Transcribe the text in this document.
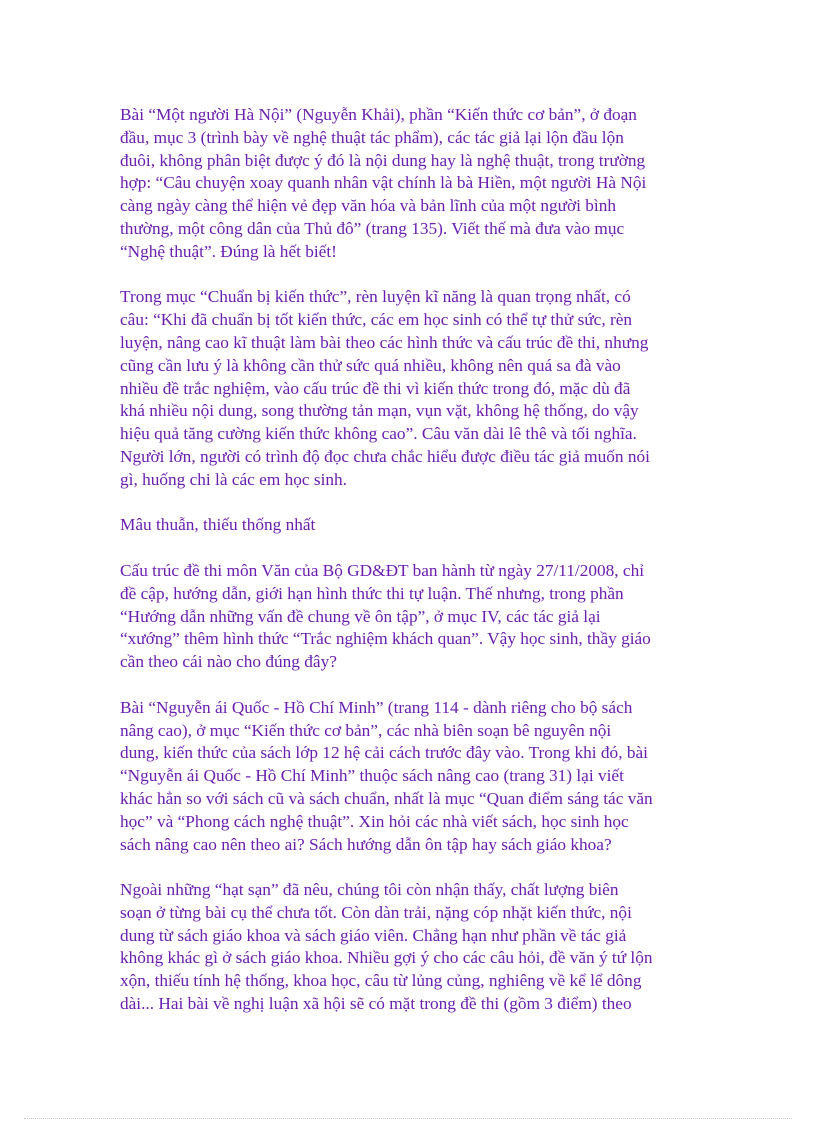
Bài “Một người Hà Nội” (Nguyễn Khải), phần “Kiến thức cơ bản”, ở đoạn
đầu, mục 3 (trình bày về nghệ thuật tác phẩm), các tác giả lại lộn đầu lộn
đuôi, không phân biệt được ý đó là nội dung hay là nghệ thuật, trong trường
hợp: “Câu chuyện xoay quanh nhân vật chính là bà Hiền, một người Hà Nội
càng ngày càng thể hiện vẻ đẹp văn hóa và bản lĩnh của một người bình
thường, một công dân của Thủ đô” (trang 135). Viết thế mà đưa vào mục
“Nghệ thuật”. Đúng là hết biết!

Trong mục “Chuẩn bị kiến thức”, rèn luyện kĩ năng là quan trọng nhất, có
câu: “Khi đã chuẩn bị tốt kiến thức, các em học sinh có thể tự thử sức, rèn
luyện, nâng cao kĩ thuật làm bài theo các hình thức và cấu trúc đề thi, nhưng
cũng cần lưu ý là không cần thử sức quá nhiều, không nên quá sa đà vào
nhiều đề trắc nghiệm, vào cấu trúc đề thi vì kiến thức trong đó, mặc dù đã
khá nhiều nội dung, song thường tản mạn, vụn vặt, không hệ thống, do vậy
hiệu quả tăng cường kiến thức không cao”. Câu văn dài lê thê và tối nghĩa.
Người lớn, người có trình độ đọc chưa chắc hiểu được điều tác giả muốn nói
gì, huống chi là các em học sinh.

Mâu thuẫn, thiếu thống nhất

Cấu trúc đề thi môn Văn của Bộ GD&ĐT ban hành từ ngày 27/11/2008, chỉ
đề cập, hướng dẫn, giới hạn hình thức thi tự luận. Thế nhưng, trong phần
“Hướng dẫn những vấn đề chung về ôn tập”, ở mục IV, các tác giả lại
“xướng” thêm hình thức “Trắc nghiệm khách quan”. Vậy học sinh, thầy giáo
cần theo cái nào cho đúng đây?

Bài “Nguyễn ái Quốc - Hồ Chí Minh” (trang 114 - dành riêng cho bộ sách
nâng cao), ở mục “Kiến thức cơ bản”, các nhà biên soạn bê nguyên nội
dung, kiến thức của sách lớp 12 hệ cải cách trước đây vào. Trong khi đó, bài
“Nguyễn ái Quốc - Hồ Chí Minh” thuộc sách nâng cao (trang 31) lại viết
khác hẳn so với sách cũ và sách chuẩn, nhất là mục “Quan điểm sáng tác văn
học” và “Phong cách nghệ thuật”. Xin hỏi các nhà viết sách, học sinh học
sách nâng cao nên theo ai? Sách hướng dẫn ôn tập hay sách giáo khoa?

Ngoài những “hạt sạn” đã nêu, chúng tôi còn nhận thấy, chất lượng biên
soạn ở từng bài cụ thể chưa tốt. Còn dàn trải, nặng cóp nhặt kiến thức, nội
dung từ sách giáo khoa và sách giáo viên. Chẳng hạn như phần về tác giả
không khác gì ở sách giáo khoa. Nhiều gợi ý cho các câu hỏi, đề văn ý tứ lộn
xộn, thiếu tính hệ thống, khoa học, câu từ lủng củng, nghiêng về kể lể dông
dài... Hai bài về nghị luận xã hội sẽ có mặt trong đề thi (gồm 3 điểm) theo
